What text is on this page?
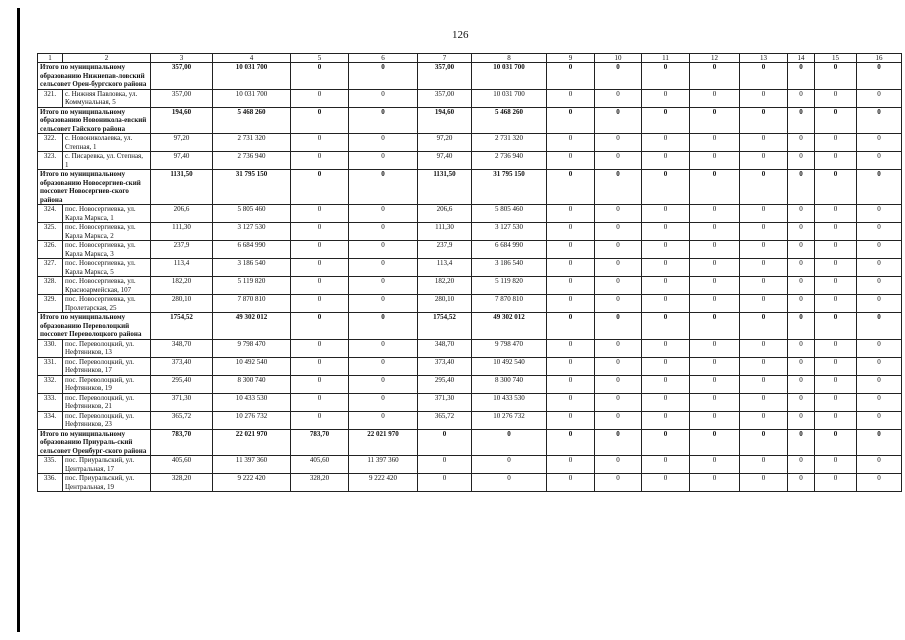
126
1	2	3	4	5	6	7	8	9	10	11	12	13	14	15	16
Итого по муниципальному образованию Нижнепав-ловский сельсовет Орен-бургского района		357,00	10 031 700	0	0	357,00	10 031 700	0	0	0	0	0	0	0	0
321.	с. Нижняя Павловка, ул. Коммунальная, 5	357,00	10 031 700	0	0	357,00	10 031 700	0	0	0	0	0	0	0	0
Итого по муниципальному образованию Новоникола-евский сельсовет Гайского района		194,60	5 468 260	0	0	194,60	5 468 260	0	0	0	0	0	0	0	0
322.	с. Новониколаевка, ул. Степная, 1	97,20	2 731 320	0	0	97,20	2 731 320	0	0	0	0	0	0	0	0
323.	с. Писаревка, ул. Степная, 1	97,40	2 736 940	0	0	97,40	2 736 940	0	0	0	0	0	0	0	0
Итого по муниципальному образованию Новосергиев-ский поссовет Новосергиев-ского района		1131,50	31 795 150	0	0	1131,50	31 795 150	0	0	0	0	0	0	0	0
324.	пос. Новосергиевка, ул. Карла Маркса, 1	206,6	5 805 460	0	0	206,6	5 805 460	0	0	0	0	0	0	0	0
325.	пос. Новосергиевка, ул. Карла Маркса, 2	111,30	3 127 530	0	0	111,30	3 127 530	0	0	0	0	0	0	0	0
326.	пос. Новосергиевка, ул. Карла Маркса, 3	237,9	6 684 990	0	0	237,9	6 684 990	0	0	0	0	0	0	0	0
327.	пос. Новосергиевка, ул. Карла Маркса, 5	113,4	3 186 540	0	0	113,4	3 186 540	0	0	0	0	0	0	0	0
328.	пос. Новосергиевка, ул. Красноармейская, 107	182,20	5 119 820	0	0	182,20	5 119 820	0	0	0	0	0	0	0	0
329.	пос. Новосергиевка, ул. Пролетарская, 25	280,10	7 870 810	0	0	280,10	7 870 810	0	0	0	0	0	0	0	0
Итого по муниципальному образованию Переволоцкий поссовет Переволоцкого района		1754,52	49 302 012	0	0	1754,52	49 302 012	0	0	0	0	0	0	0	0
330.	пос. Переволоцкий, ул. Нефтяников, 13	348,70	9 798 470	0	0	348,70	9 798 470	0	0	0	0	0	0	0	0
331.	пос. Переволоцкий, ул. Нефтяников, 17	373,40	10 492 540	0	0	373,40	10 492 540	0	0	0	0	0	0	0	0
332.	пос. Переволоцкий, ул. Нефтяников, 19	295,40	8 300 740	0	0	295,40	8 300 740	0	0	0	0	0	0	0	0
333.	пос. Переволоцкий, ул. Нефтяников, 21	371,30	10 433 530	0	0	371,30	10 433 530	0	0	0	0	0	0	0	0
334.	пос. Переволоцкий, ул. Нефтяников, 23	365,72	10 276 732	0	0	365,72	10 276 732	0	0	0	0	0	0	0	0
Итого по муниципальному образованию Приураль-ский сельсовет Оренбург-ского района		783,70	22 021 970	783,70	22 021 970	0	0	0	0	0	0	0	0	0	0
335.	пос. Приуральский, ул. Центральная, 17	405,60	11 397 360	405,60	11 397 360	0	0	0	0	0	0	0	0	0	0
336.	пос. Приуральский, ул. Центральная, 19	328,20	9 222 420	328,20	9 222 420	0	0	0	0	0	0	0	0	0	0
